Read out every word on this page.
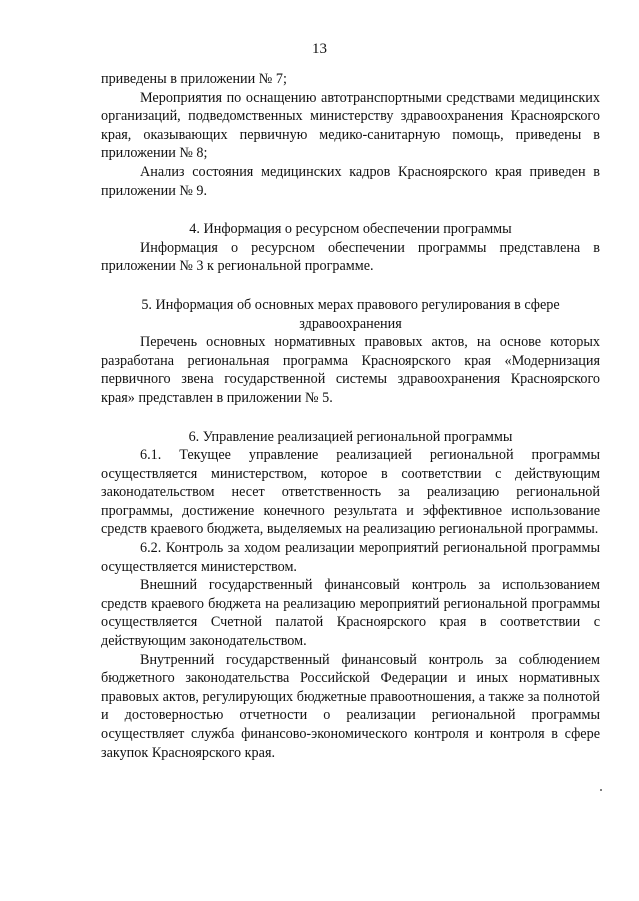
13

приведены в приложении № 7;

Мероприятия по оснащению автотранспортными средствами медицинских организаций, подведомственных министерству здравоохранения Красноярского края, оказывающих первичную медико-санитарную помощь, приведены в приложении № 8;

Анализ состояния медицинских кадров Красноярского края приведен в приложении № 9.

4. Информация о ресурсном обеспечении программы

Информация о ресурсном обеспечении программы представлена в приложении № 3 к региональной программе.

5. Информация об основных мерах правового регулирования в сфере здравоохранения

Перечень основных нормативных правовых актов, на основе которых разработана региональная программа Красноярского края «Модернизация первичного звена государственной системы здравоохранения Красноярского края» представлен в приложении № 5.

6. Управление реализацией региональной программы

6.1. Текущее управление реализацией региональной программы осуществляется министерством, которое в соответствии с действующим законодательством несет ответственность за реализацию региональной программы, достижение конечного результата и эффективное использование средств краевого бюджета, выделяемых на реализацию региональной программы.

6.2. Контроль за ходом реализации мероприятий региональной программы осуществляется министерством.

Внешний государственный финансовый контроль за использованием средств краевого бюджета на реализацию мероприятий региональной программы осуществляется Счетной палатой Красноярского края в соответствии с действующим законодательством.

Внутренний государственный финансовый контроль за соблюдением бюджетного законодательства Российской Федерации и иных нормативных правовых актов, регулирующих бюджетные правоотношения, а также за полнотой и достоверностью отчетности о реализации региональной программы осуществляет служба финансово-экономического контроля и контроля в сфере закупок Красноярского края.
